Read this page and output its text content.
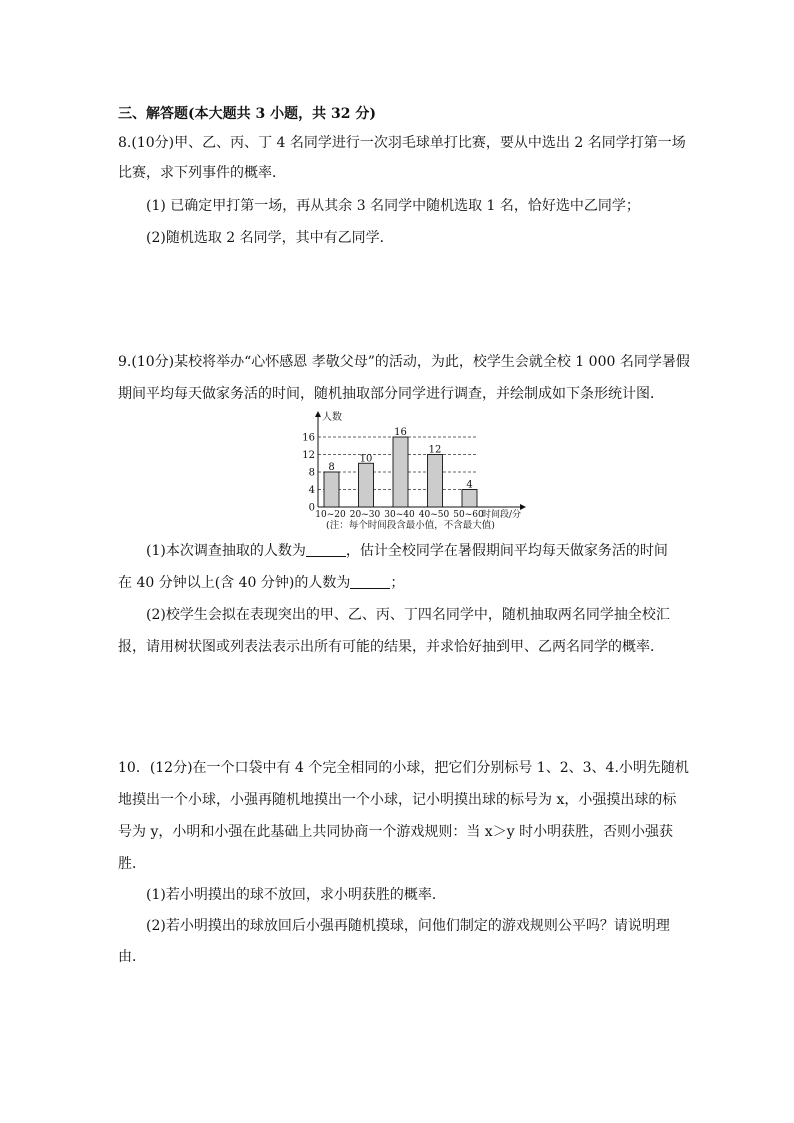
三、解答题(本大题共 3 小题，共 32 分)
8.(10分)甲、乙、丙、丁 4 名同学进行一次羽毛球单打比赛，要从中选出 2 名同学打第一场
比赛，求下列事件的概率．
(1) 已确定甲打第一场，再从其余 3 名同学中随机选取 1 名，恰好选中乙同学；
(2)随机选取 2 名同学，其中有乙同学．
9.(10分)某校将举办“心怀感恩 孝敬父母”的活动，为此，校学生会就全校 1 000 名同学暑假
期间平均每天做家务活的时间，随机抽取部分同学进行调查，并绘制成如下条形统计图．
人数
时间段/分
(注：每个时间段含最小值，不含最大值)
0
4
8
12
16
10~20 20~30 30~40 40~50 50~60
8
10
16
12
4
(1)本次调查抽取的人数为	，估计全校同学在暑假期间平均每天做家务活的时间
在 40 分钟以上(含 40 分钟)的人数为	；
(2)校学生会拟在表现突出的甲、乙、丙、丁四名同学中，随机抽取两名同学抽全校汇
报，请用树状图或列表法表示出所有可能的结果，并求恰好抽到甲、乙两名同学的概率．
10．(12分)在一个口袋中有 4 个完全相同的小球，把它们分别标号 1、2、3、4.小明先随机
地摸出一个小球，小强再随机地摸出一个小球，记小明摸出球的标号为 x，小强摸出球的标
号为 y，小明和小强在此基础上共同协商一个游戏规则：当 x＞y 时小明获胜，否则小强获
胜．
(1)若小明摸出的球不放回，求小明获胜的概率．
(2)若小明摸出的球放回后小强再随机摸球，问他们制定的游戏规则公平吗？请说明理
由．
